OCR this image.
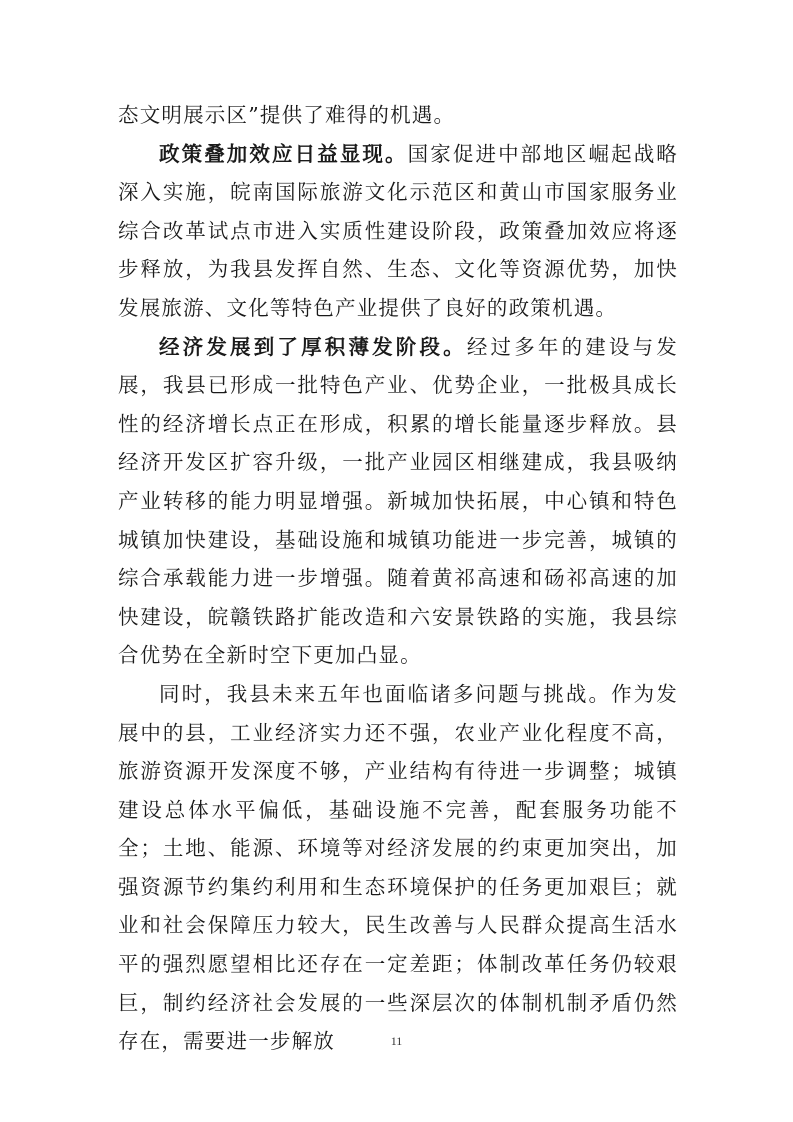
态文明展示区”提供了难得的机遇。

政策叠加效应日益显现。国家促进中部地区崛起战略深入实施，皖南国际旅游文化示范区和黄山市国家服务业综合改革试点市进入实质性建设阶段，政策叠加效应将逐步释放，为我县发挥自然、生态、文化等资源优势，加快发展旅游、文化等特色产业提供了良好的政策机遇。

经济发展到了厚积薄发阶段。经过多年的建设与发展，我县已形成一批特色产业、优势企业，一批极具成长性的经济增长点正在形成，积累的增长能量逐步释放。县经济开发区扩容升级，一批产业园区相继建成，我县吸纳产业转移的能力明显增强。新城加快拓展，中心镇和特色城镇加快建设，基础设施和城镇功能进一步完善，城镇的综合承载能力进一步增强。随着黄祁高速和砀祁高速的加快建设，皖赣铁路扩能改造和六安景铁路的实施，我县综合优势在全新时空下更加凸显。

同时，我县未来五年也面临诸多问题与挑战。作为发展中的县，工业经济实力还不强，农业产业化程度不高，旅游资源开发深度不够，产业结构有待进一步调整；城镇建设总体水平偏低，基础设施不完善，配套服务功能不全；土地、能源、环境等对经济发展的约束更加突出，加强资源节约集约利用和生态环境保护的任务更加艰巨；就业和社会保障压力较大，民生改善与人民群众提高生活水平的强烈愿望相比还存在一定差距；体制改革任务仍较艰巨，制约经济社会发展的一些深层次的体制机制矛盾仍然存在，需要进一步解放	11
